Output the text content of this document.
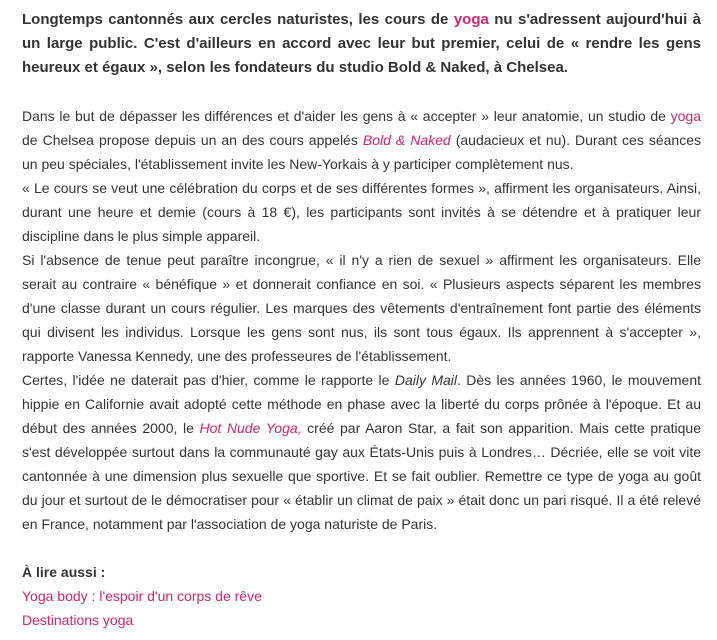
Longtemps cantonnés aux cercles naturistes, les cours de yoga nu s'adressent aujourd'hui à un large public. C'est d'ailleurs en accord avec leur but premier, celui de « rendre les gens heureux et égaux », selon les fondateurs du studio Bold & Naked, à Chelsea.

Dans le but de dépasser les différences et d'aider les gens à « accepter » leur anatomie, un studio de yoga de Chelsea propose depuis un an des cours appelés Bold & Naked (audacieux et nu). Durant ces séances un peu spéciales, l'établissement invite les New-Yorkais à y participer complètement nus.

« Le cours se veut une célébration du corps et de ses différentes formes », affirment les organisateurs. Ainsi, durant une heure et demie (cours à 18 €), les participants sont invités à se détendre et à pratiquer leur discipline dans le plus simple appareil.

Si l'absence de tenue peut paraître incongrue, « il n'y a rien de sexuel » affirment les organisateurs. Elle serait au contraire « bénéfique » et donnerait confiance en soi. « Plusieurs aspects séparent les membres d'une classe durant un cours régulier. Les marques des vêtements d'entraînement font partie des éléments qui divisent les individus. Lorsque les gens sont nus, ils sont tous égaux. Ils apprennent à s'accepter », rapporte Vanessa Kennedy, une des professeures de l'établissement.

Certes, l'idée ne daterait pas d'hier, comme le rapporte le Daily Mail. Dès les années 1960, le mouvement hippie en Californie avait adopté cette méthode en phase avec la liberté du corps prônée à l'époque. Et au début des années 2000, le Hot Nude Yoga, créé par Aaron Star, a fait son apparition. Mais cette pratique s'est développée surtout dans la communauté gay aux États-Unis puis à Londres… Décriée, elle se voit vite cantonnée à une dimension plus sexuelle que sportive. Et se fait oublier. Remettre ce type de yoga au goût du jour et surtout de le démocratiser pour « établir un climat de paix » était donc un pari risqué. Il a été relevé en France, notamment par l'association de yoga naturiste de Paris.

À lire aussi :
Yoga body : l'espoir d'un corps de rêve
Destinations yoga
